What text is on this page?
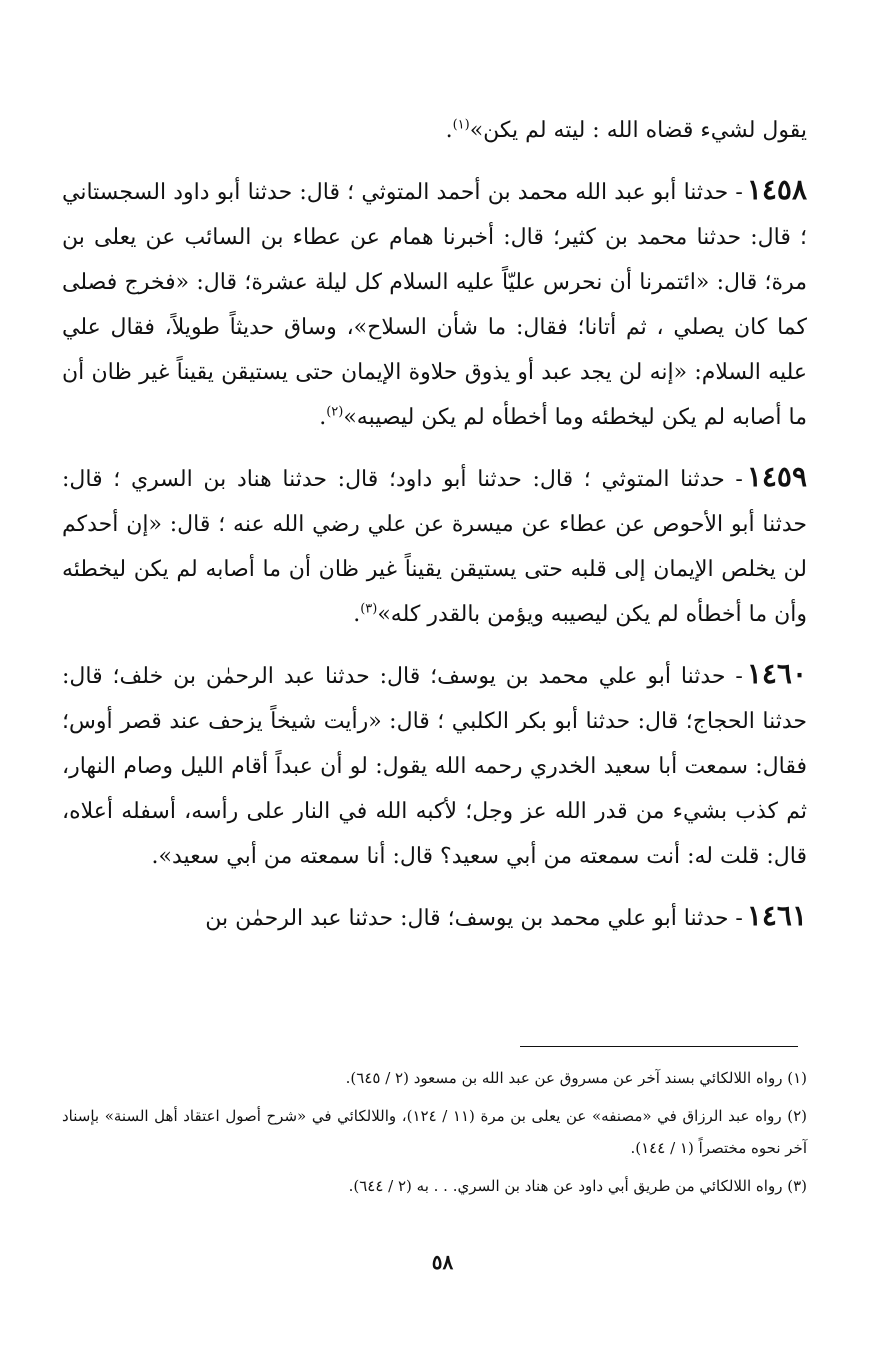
يقول لشيء قضاه الله : ليته لم يكن»$^{(١)}$.

١٤٥٨- حدثنا أبو عبد الله محمد بن أحمد المتوثي ؛ قال: حدثنا أبو داود السجستاني ؛ قال: حدثنا محمد بن كثير؛ قال: أخبرنا همام عن عطاء بن السائب عن يعلى بن مرة؛ قال: «ائتمرنا أن نحرس عليّاً عليه السلام كل ليلة عشرة؛ قال: «فخرج فصلى كما كان يصلي ، ثم أتانا؛ فقال: ما شأن السلاح»، وساق حديثاً طويلاً، فقال علي عليه السلام: «إنه لن يجد عبد أو يذوق حلاوة الإيمان حتى يستيقن يقيناً غير ظان أن ما أصابه لم يكن ليخطئه وما أخطأه لم يكن ليصيبه»$^{(٢)}$.

١٤٥٩- حدثنا المتوثي ؛ قال: حدثنا أبو داود؛ قال: حدثنا هناد بن السري ؛ قال: حدثنا أبو الأحوص عن عطاء عن ميسرة عن علي رضي الله عنه ؛ قال: «إن أحدكم لن يخلص الإيمان إلى قلبه حتى يستيقن يقيناً غير ظان أن ما أصابه لم يكن ليخطئه وأن ما أخطأه لم يكن ليصيبه ويؤمن بالقدر كله»$^{(٣)}$.

١٤٦٠- حدثنا أبو علي محمد بن يوسف؛ قال: حدثنا عبد الرحمٰن بن خلف؛ قال: حدثنا الحجاج؛ قال: حدثنا أبو بكر الكلبي ؛ قال: «رأيت شيخاً يزحف عند قصر أوس؛ فقال: سمعت أبا سعيد الخدري رحمه الله يقول: لو أن عبداً أقام الليل وصام النهار، ثم كذب بشيء من قدر الله عز وجل؛ لأكبه الله في النار على رأسه، أسفله أعلاه، قال: قلت له: أنت سمعته من أبي سعيد؟ قال: أنا سمعته من أبي سعيد».

١٤٦١- حدثنا أبو علي محمد بن يوسف؛ قال: حدثنا عبد الرحمٰن بن

(١) رواه اللالكائي بسند آخر عن مسروق عن عبد الله بن مسعود (٢ / ٦٤٥).

(٢) رواه عبد الرزاق في «مصنفه» عن يعلى بن مرة (١١ / ١٢٤)، واللالكائي في «شرح أصول اعتقاد أهل السنة» بإسناد آخر نحوه مختصراً (١ / ١٤٤).

(٣) رواه اللالكائي من طريق أبي داود عن هناد بن السري. . . به (٢ / ٦٤٤).

٥٨
